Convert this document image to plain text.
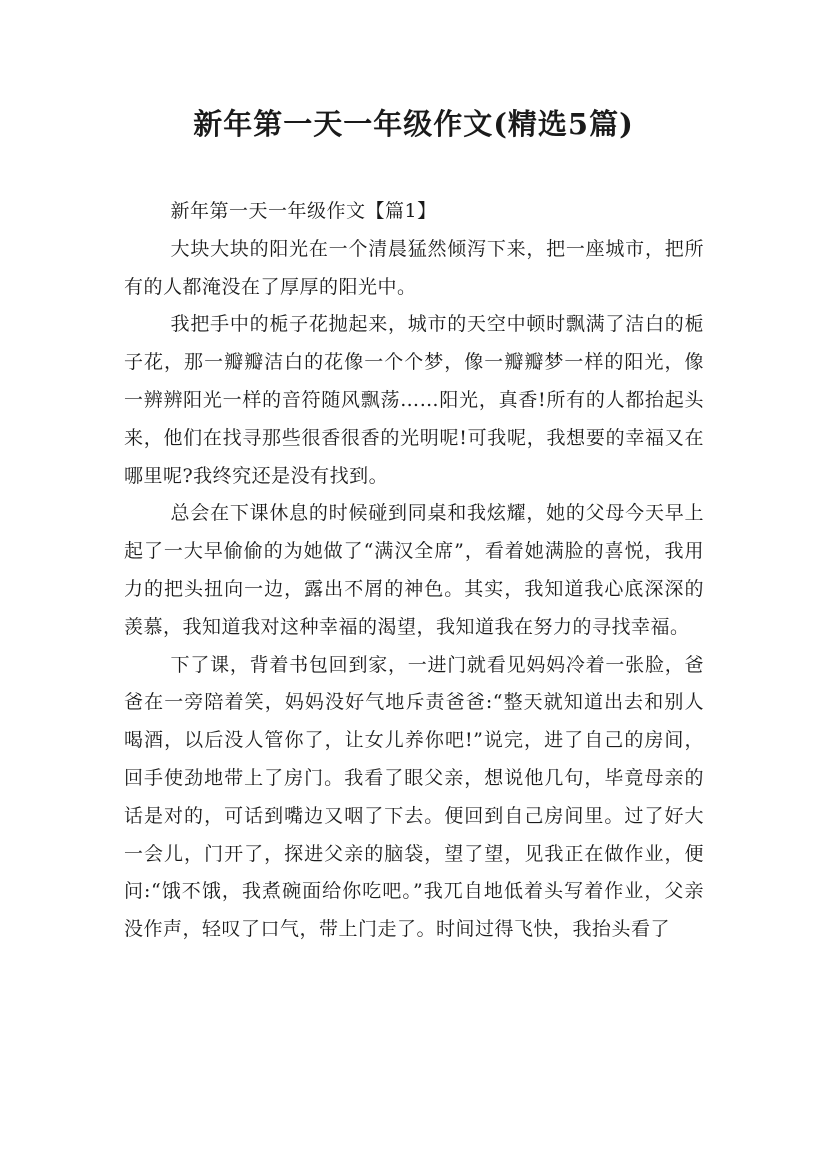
新年第一天一年级作文(精选5篇)

新年第一天一年级作文【篇1】

大块大块的阳光在一个清晨猛然倾泻下来，把一座城市，把所有的人都淹没在了厚厚的阳光中。

我把手中的栀子花抛起来，城市的天空中顿时飘满了洁白的栀子花，那一瓣瓣洁白的花像一个个梦，像一瓣瓣梦一样的阳光，像一辨辨阳光一样的音符随风飘荡……阳光，真香!所有的人都抬起头来，他们在找寻那些很香很香的光明呢!可我呢，我想要的幸福又在哪里呢?我终究还是没有找到。

总会在下课休息的时候碰到同桌和我炫耀，她的父母今天早上起了一大早偷偷的为她做了“满汉全席”，看着她满脸的喜悦，我用力的把头扭向一边，露出不屑的神色。其实，我知道我心底深深的羡慕，我知道我对这种幸福的渴望，我知道我在努力的寻找幸福。

下了课，背着书包回到家，一进门就看见妈妈冷着一张脸，爸爸在一旁陪着笑，妈妈没好气地斥责爸爸:“整天就知道出去和别人喝酒，以后没人管你了，让女儿养你吧!”说完，进了自己的房间，回手使劲地带上了房门。我看了眼父亲，想说他几句，毕竟母亲的话是对的，可话到嘴边又咽了下去。便回到自己房间里。过了好大一会儿，门开了，探进父亲的脑袋，望了望，见我正在做作业，便问:“饿不饿，我煮碗面给你吃吧。”我兀自地低着头写着作业，父亲没作声，轻叹了口气，带上门走了。时间过得飞快，我抬头看了
